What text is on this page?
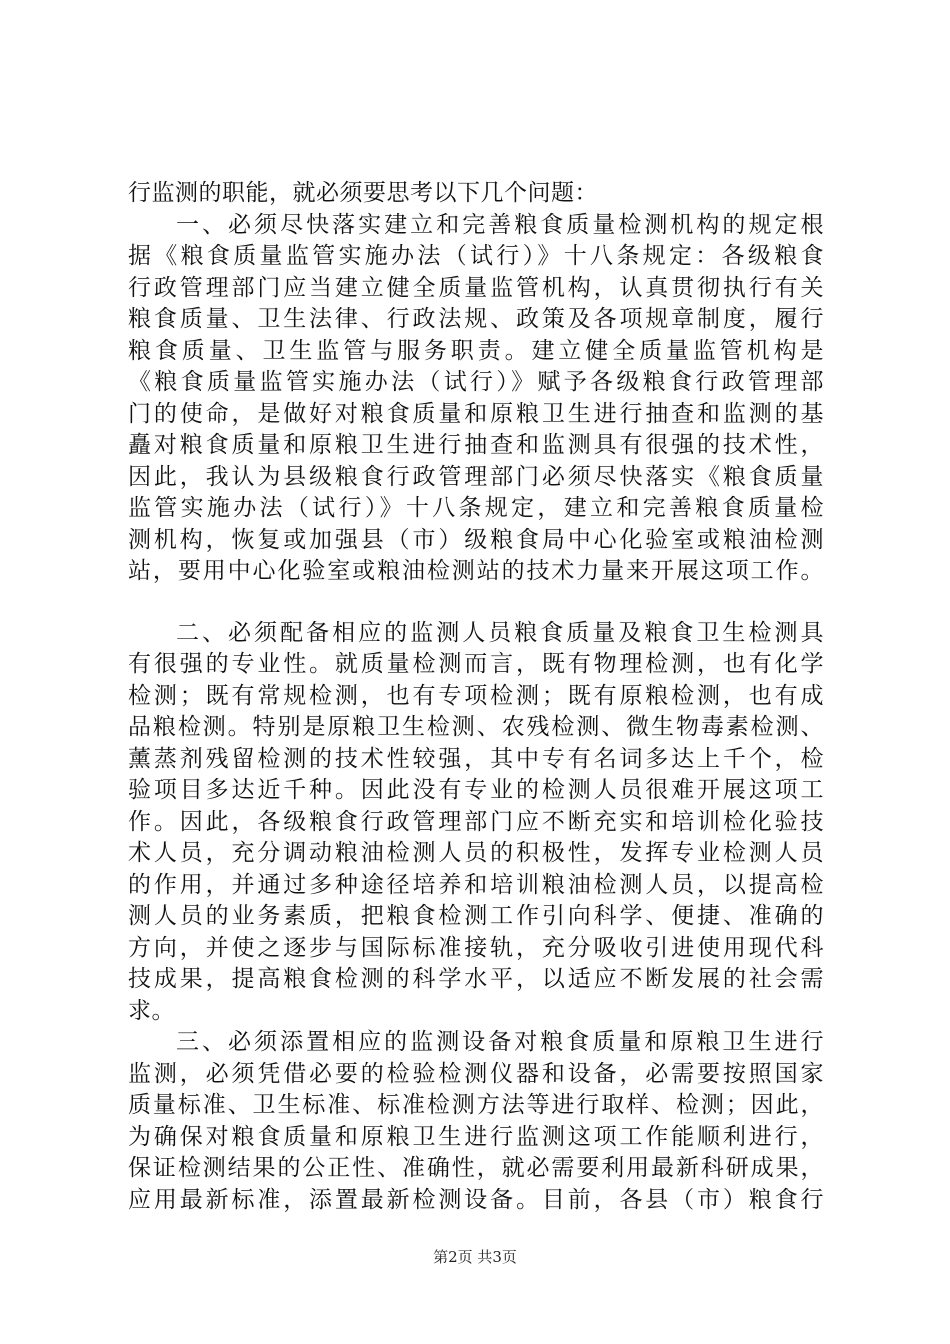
行监测的职能，就必须要思考以下几个问题：
一、必须尽快落实建立和完善粮食质量检测机构的规定根
据《粮食质量监管实施办法（试行）》十八条规定：各级粮食
行政管理部门应当建立健全质量监管机构，认真贯彻执行有关
粮食质量、卫生法律、行政法规、政策及各项规章制度，履行
粮食质量、卫生监管与服务职责。建立健全质量监管机构是
《粮食质量监管实施办法（试行）》赋予各级粮食行政管理部
门的使命，是做好对粮食质量和原粮卫生进行抽查和监测的基
矗对粮食质量和原粮卫生进行抽查和监测具有很强的技术性，
因此，我认为县级粮食行政管理部门必须尽快落实《粮食质量
监管实施办法（试行）》十八条规定，建立和完善粮食质量检
测机构，恢复或加强县（市）级粮食局中心化验室或粮油检测
站，要用中心化验室或粮油检测站的技术力量来开展这项工作。
二、必须配备相应的监测人员粮食质量及粮食卫生检测具
有很强的专业性。就质量检测而言，既有物理检测，也有化学
检测；既有常规检测，也有专项检测；既有原粮检测，也有成
品粮检测。特别是原粮卫生检测、农残检测、微生物毒素检测、
薰蒸剂残留检测的技术性较强，其中专有名词多达上千个，检
验项目多达近千种。因此没有专业的检测人员很难开展这项工
作。因此，各级粮食行政管理部门应不断充实和培训检化验技
术人员，充分调动粮油检测人员的积极性，发挥专业检测人员
的作用，并通过多种途径培养和培训粮油检测人员，以提高检
测人员的业务素质，把粮食检测工作引向科学、便捷、准确的
方向，并使之逐步与国际标准接轨，充分吸收引进使用现代科
技成果，提高粮食检测的科学水平，以适应不断发展的社会需
求。
三、必须添置相应的监测设备对粮食质量和原粮卫生进行
监测，必须凭借必要的检验检测仪器和设备，必需要按照国家
质量标准、卫生标准、标准检测方法等进行取样、检测；因此，
为确保对粮食质量和原粮卫生进行监测这项工作能顺利进行，
保证检测结果的公正性、准确性，就必需要利用最新科研成果，
应用最新标准，添置最新检测设备。目前，各县（市）粮食行
第2页 共3页
